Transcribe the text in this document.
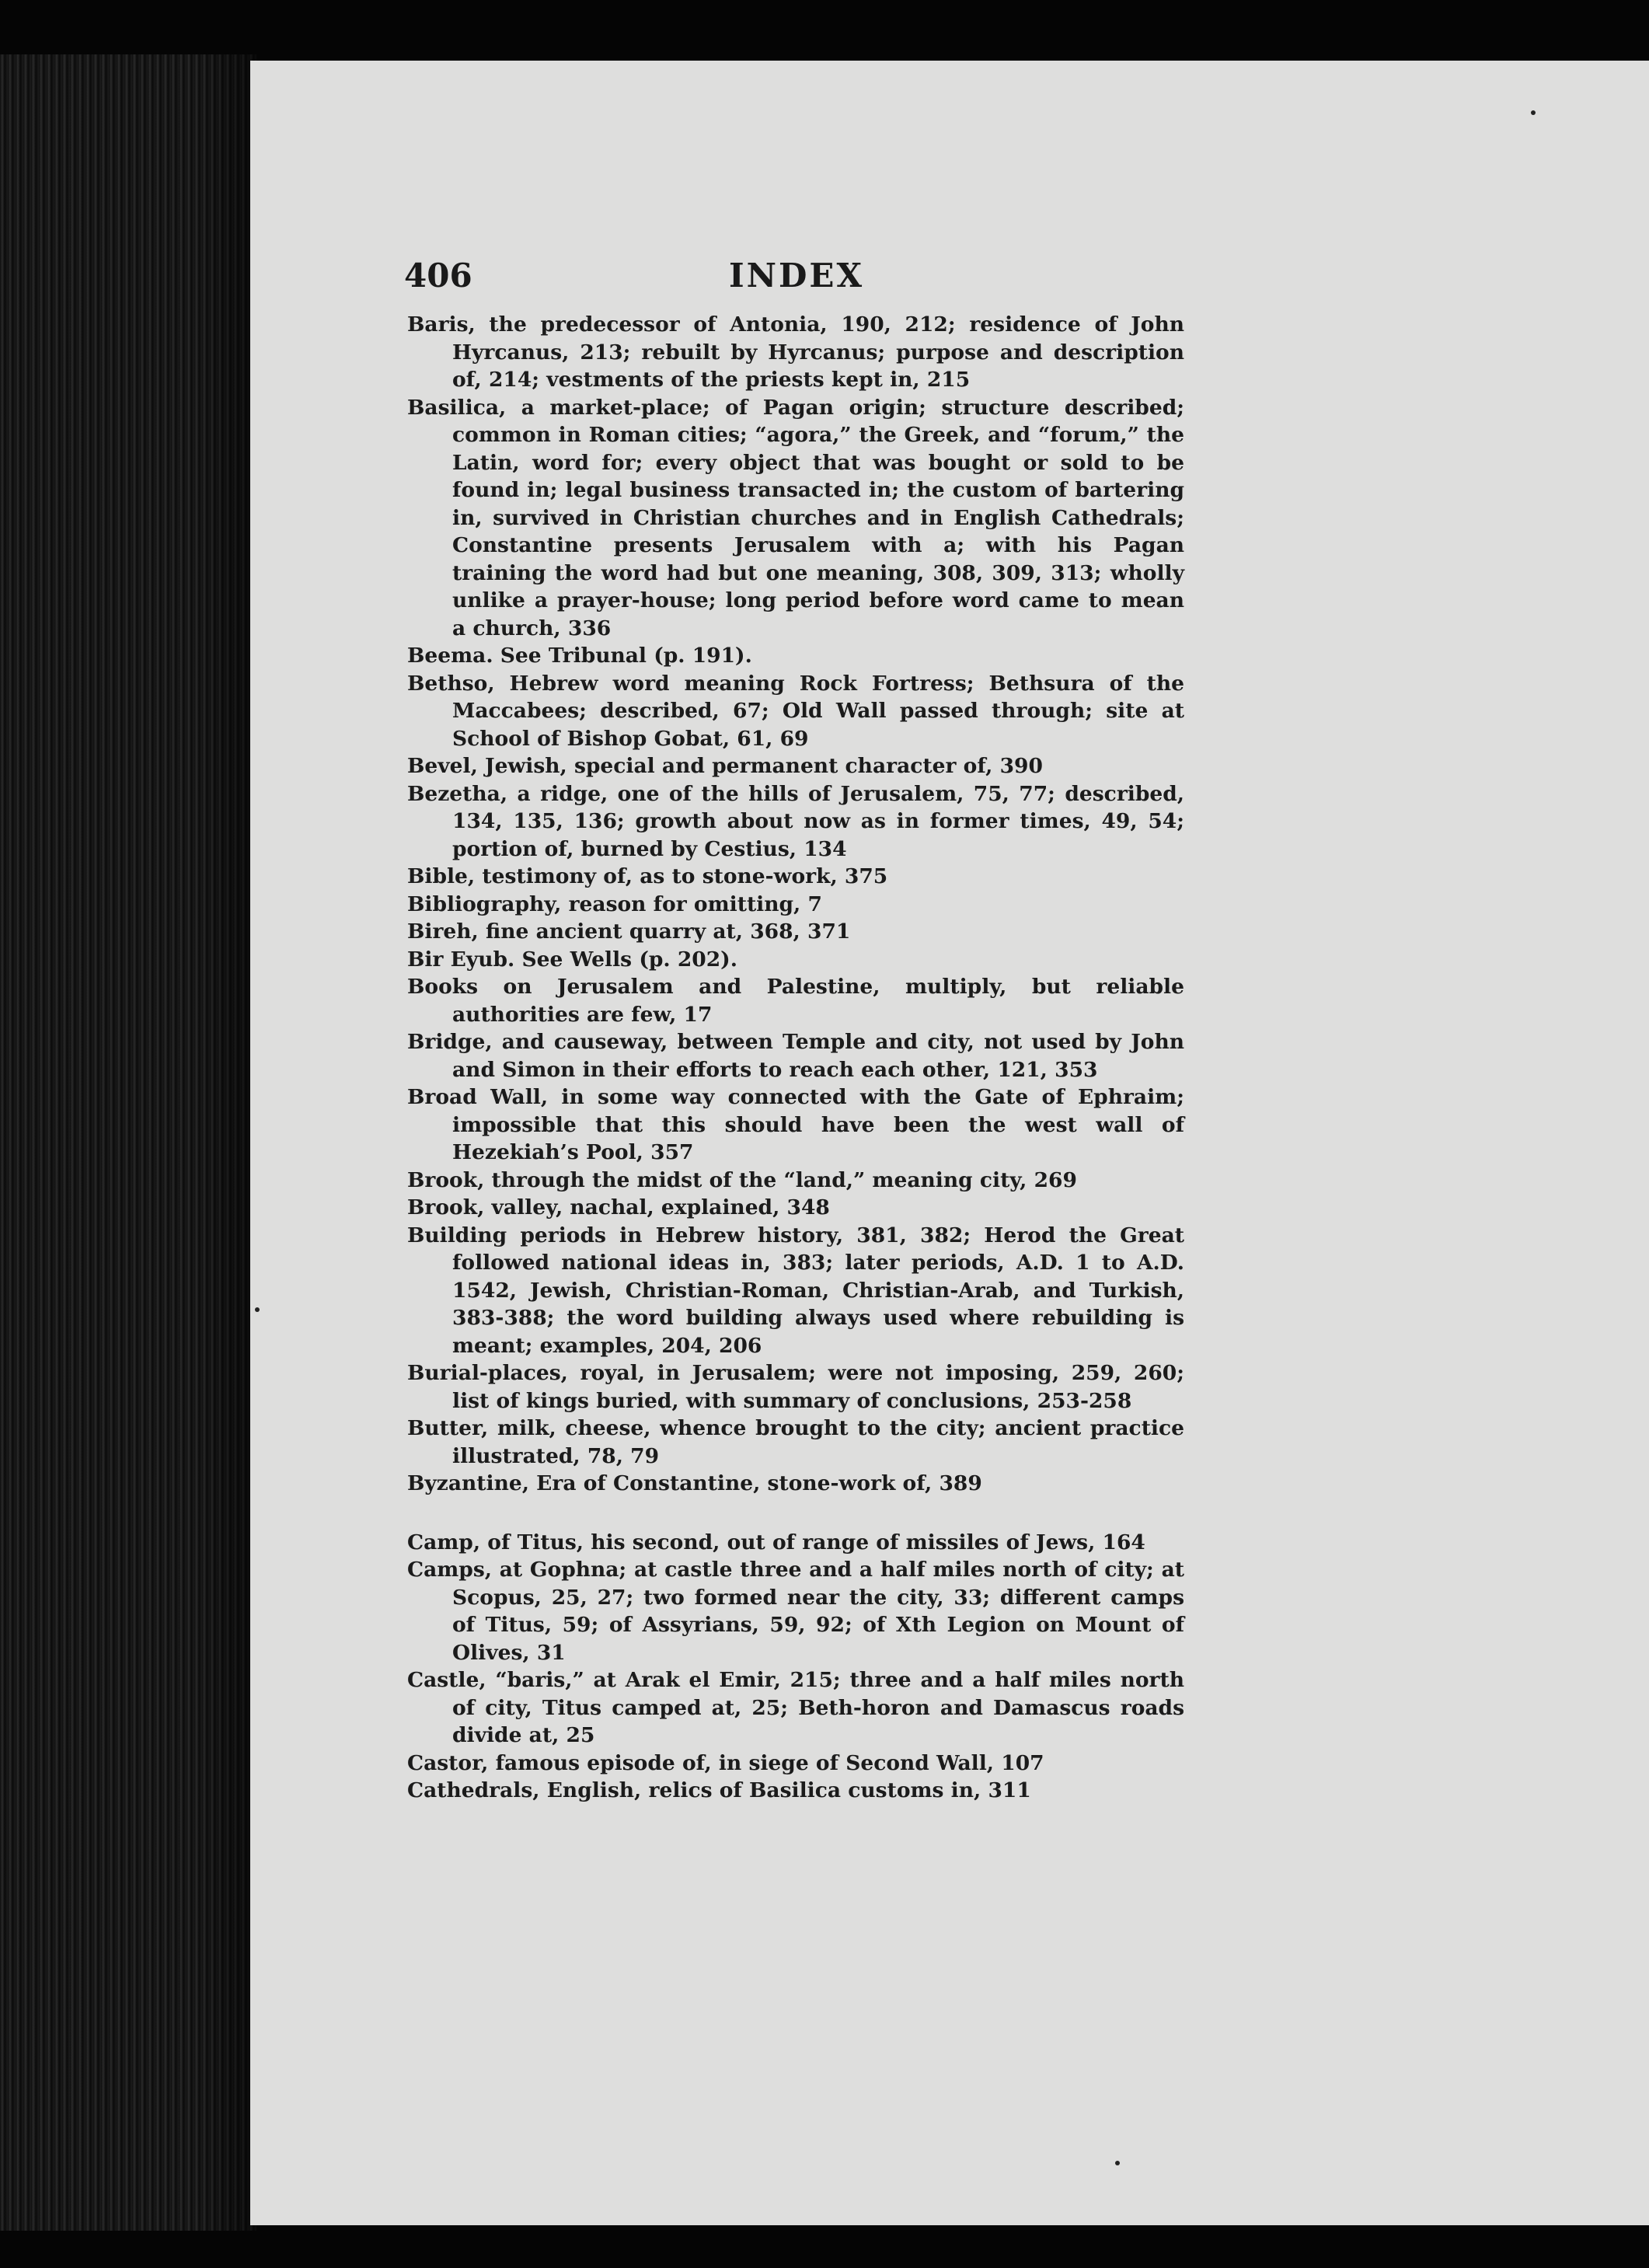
406	INDEX

Baris, the predecessor of Antonia, 190, 212; residence of John Hyrcanus, 213; rebuilt by Hyrcanus; purpose and description of, 214; vestments of the priests kept in, 215

Basilica, a market-place; of Pagan origin; structure described; common in Roman cities; “agora,” the Greek, and “forum,” the Latin, word for; every object that was bought or sold to be found in; legal business transacted in; the custom of bartering in, survived in Christian churches and in English Cathedrals; Constantine presents Jerusalem with a; with his Pagan training the word had but one meaning, 308, 309, 313; wholly unlike a prayer-house; long period before word came to mean a church, 336

Beema. See Tribunal (p. 191).

Bethso, Hebrew word meaning Rock Fortress; Bethsura of the Maccabees; described, 67; Old Wall passed through; site at School of Bishop Gobat, 61, 69

Bevel, Jewish, special and permanent character of, 390

Bezetha, a ridge, one of the hills of Jerusalem, 75, 77; described, 134, 135, 136; growth about now as in former times, 49, 54; portion of, burned by Cestius, 134

Bible, testimony of, as to stone-work, 375

Bibliography, reason for omitting, 7

Bireh, fine ancient quarry at, 368, 371

Bir Eyub. See Wells (p. 202).

Books on Jerusalem and Palestine, multiply, but reliable authorities are few, 17

Bridge, and causeway, between Temple and city, not used by John and Simon in their efforts to reach each other, 121, 353

Broad Wall, in some way connected with the Gate of Ephraim; impossible that this should have been the west wall of Hezekiah’s Pool, 357

Brook, through the midst of the “land,” meaning city, 269

Brook, valley, nachal, explained, 348

Building periods in Hebrew history, 381, 382; Herod the Great followed national ideas in, 383; later periods, A.D. 1 to A.D. 1542, Jewish, Christian-Roman, Christian-Arab, and Turkish, 383-388; the word building always used where rebuilding is meant; examples, 204, 206

Burial-places, royal, in Jerusalem; were not imposing, 259, 260; list of kings buried, with summary of conclusions, 253-258

Butter, milk, cheese, whence brought to the city; ancient practice illustrated, 78, 79

Byzantine, Era of Constantine, stone-work of, 389

Camp, of Titus, his second, out of range of missiles of Jews, 164

Camps, at Gophna; at castle three and a half miles north of city; at Scopus, 25, 27; two formed near the city, 33; different camps of Titus, 59; of Assyrians, 59, 92; of Xth Legion on Mount of Olives, 31

Castle, “baris,” at Arak el Emir, 215; three and a half miles north of city, Titus camped at, 25; Beth-horon and Damascus roads divide at, 25

Castor, famous episode of, in siege of Second Wall, 107

Cathedrals, English, relics of Basilica customs in, 311
